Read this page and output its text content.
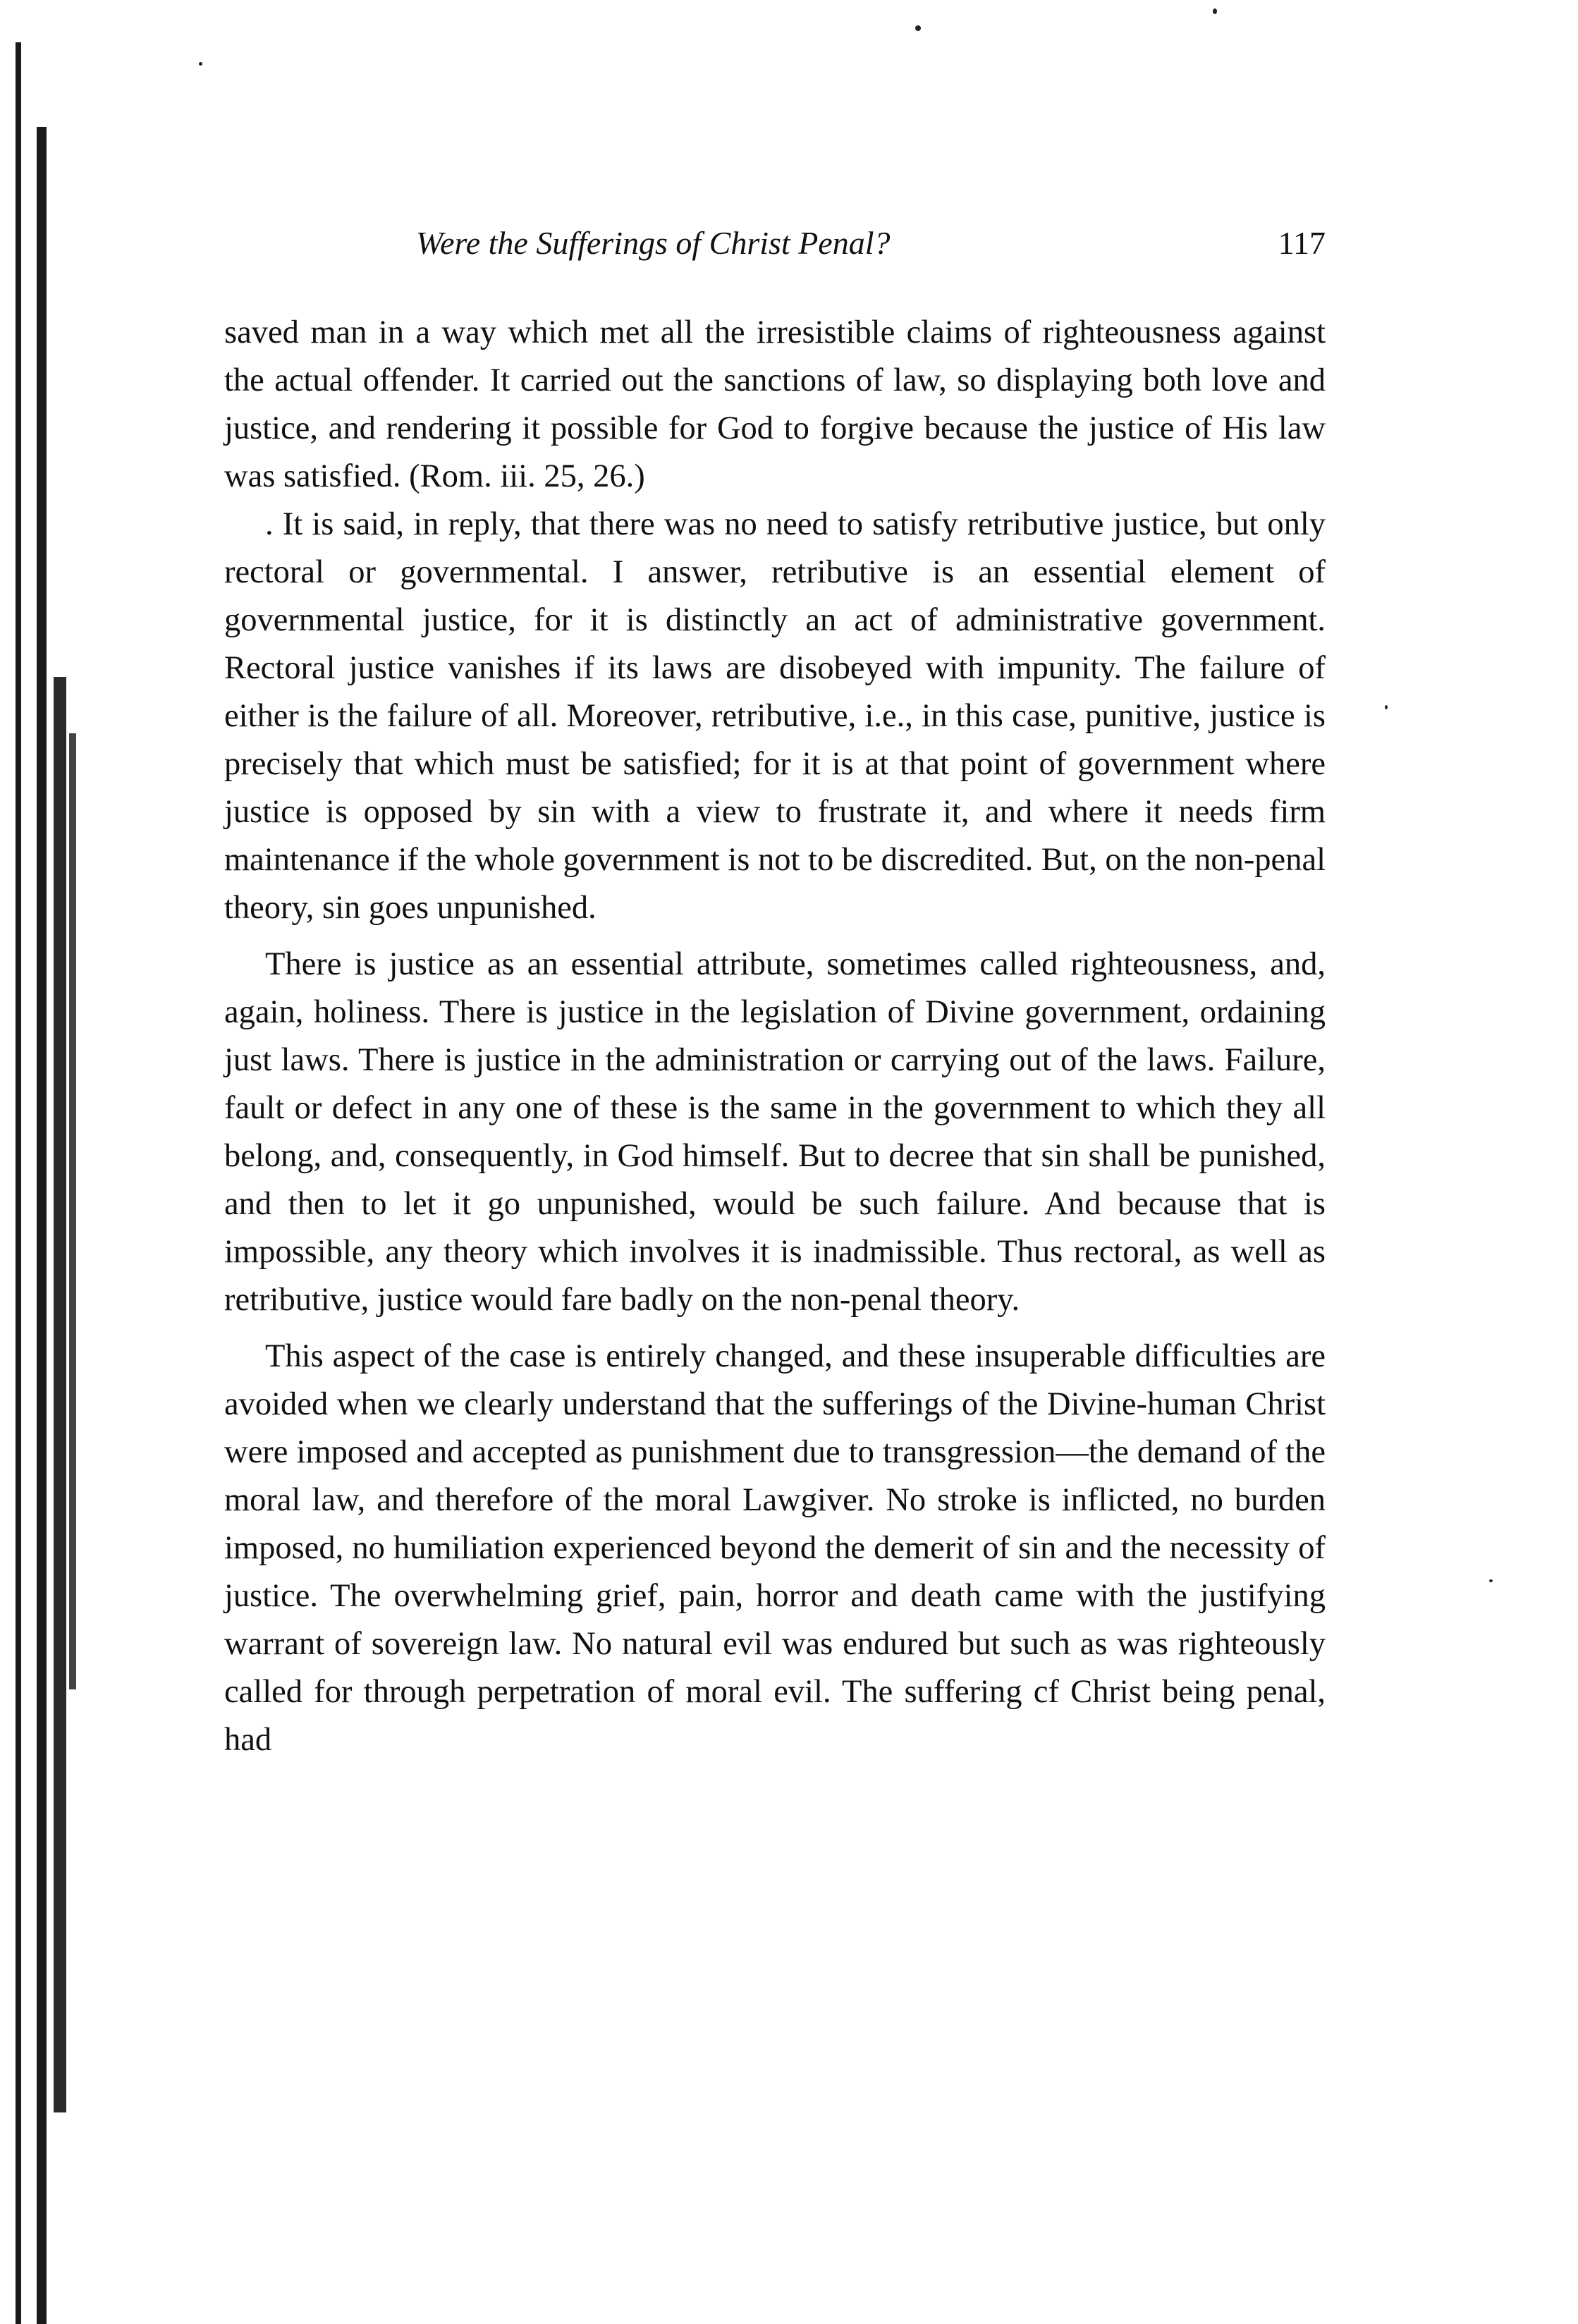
Were the Sufferings of Christ Penal?	117

saved man in a way which met all the irresistible claims of righteousness against the actual offender. It carried out the sanctions of law, so displaying both love and justice, and rendering it possible for God to forgive because the justice of His law was satisfied. (Rom. iii. 25, 26.)

. It is said, in reply, that there was no need to satisfy retributive justice, but only rectoral or governmental. I answer, retributive is an essential element of governmental justice, for it is distinctly an act of administrative government. Rectoral justice vanishes if its laws are disobeyed with impunity. The failure of either is the failure of all. Moreover, retributive, i.e., in this case, punitive, justice is precisely that which must be satisfied; for it is at that point of government where justice is opposed by sin with a view to frustrate it, and where it needs firm maintenance if the whole government is not to be discredited. But, on the non-penal theory, sin goes unpunished.

There is justice as an essential attribute, sometimes called righteousness, and, again, holiness. There is justice in the legislation of Divine government, ordaining just laws. There is justice in the administration or carrying out of the laws. Failure, fault or defect in any one of these is the same in the government to which they all belong, and, consequently, in God himself. But to decree that sin shall be punished, and then to let it go unpunished, would be such failure. And because that is impossible, any theory which involves it is inadmissible. Thus rectoral, as well as retributive, justice would fare badly on the non-penal theory.

This aspect of the case is entirely changed, and these insuperable difficulties are avoided when we clearly understand that the sufferings of the Divine-human Christ were imposed and accepted as punishment due to transgression—the demand of the moral law, and therefore of the moral Lawgiver. No stroke is inflicted, no burden imposed, no humiliation experienced beyond the demerit of sin and the necessity of justice. The overwhelming grief, pain, horror and death came with the justifying warrant of sovereign law. No natural evil was endured but such as was righteously called for through perpetration of moral evil. The suffering cf Christ being penal, had
